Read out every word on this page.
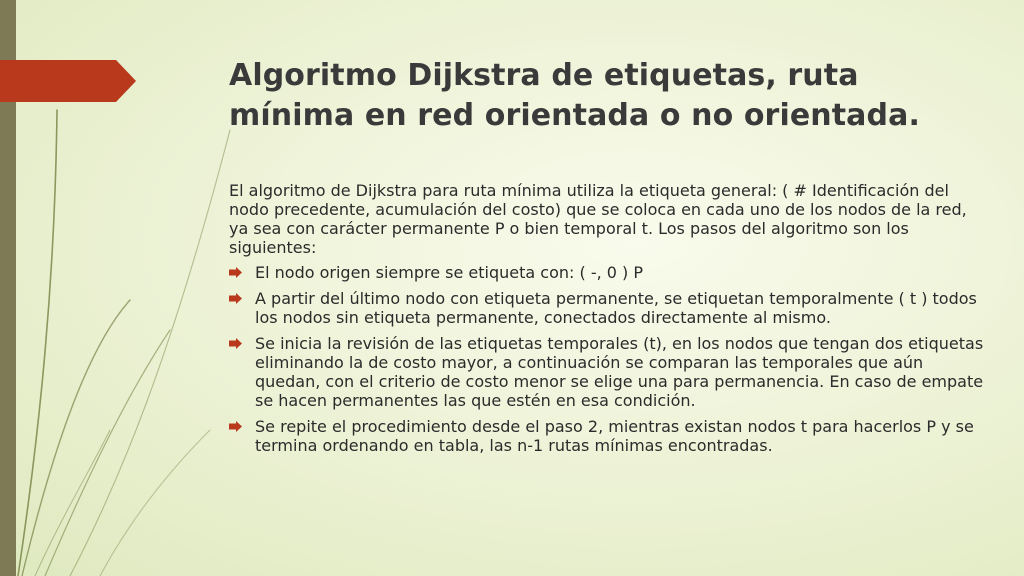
Algoritmo Dijkstra de etiquetas, ruta mínima en red orientada o no orientada.

El algoritmo de Dijkstra para ruta mínima utiliza la etiqueta general: ( # Identificación del nodo precedente, acumulación del costo) que se coloca en cada uno de los nodos de la red, ya sea con carácter permanente P o bien temporal t. Los pasos del algoritmo son los siguientes:

El nodo origen siempre se etiqueta con: ( -, 0 ) P
A partir del último nodo con etiqueta permanente, se etiquetan temporalmente ( t ) todos los nodos sin etiqueta permanente, conectados directamente al mismo.
Se inicia la revisión de las etiquetas temporales (t), en los nodos que tengan dos etiquetas eliminando la de costo mayor, a continuación se comparan las temporales que aún quedan, con el criterio de costo menor se elige una para permanencia. En caso de empate se hacen permanentes las que estén en esa condición.
Se repite el procedimiento desde el paso 2, mientras existan nodos t para hacerlos P y se termina ordenando en tabla, las n-1 rutas mínimas encontradas.
